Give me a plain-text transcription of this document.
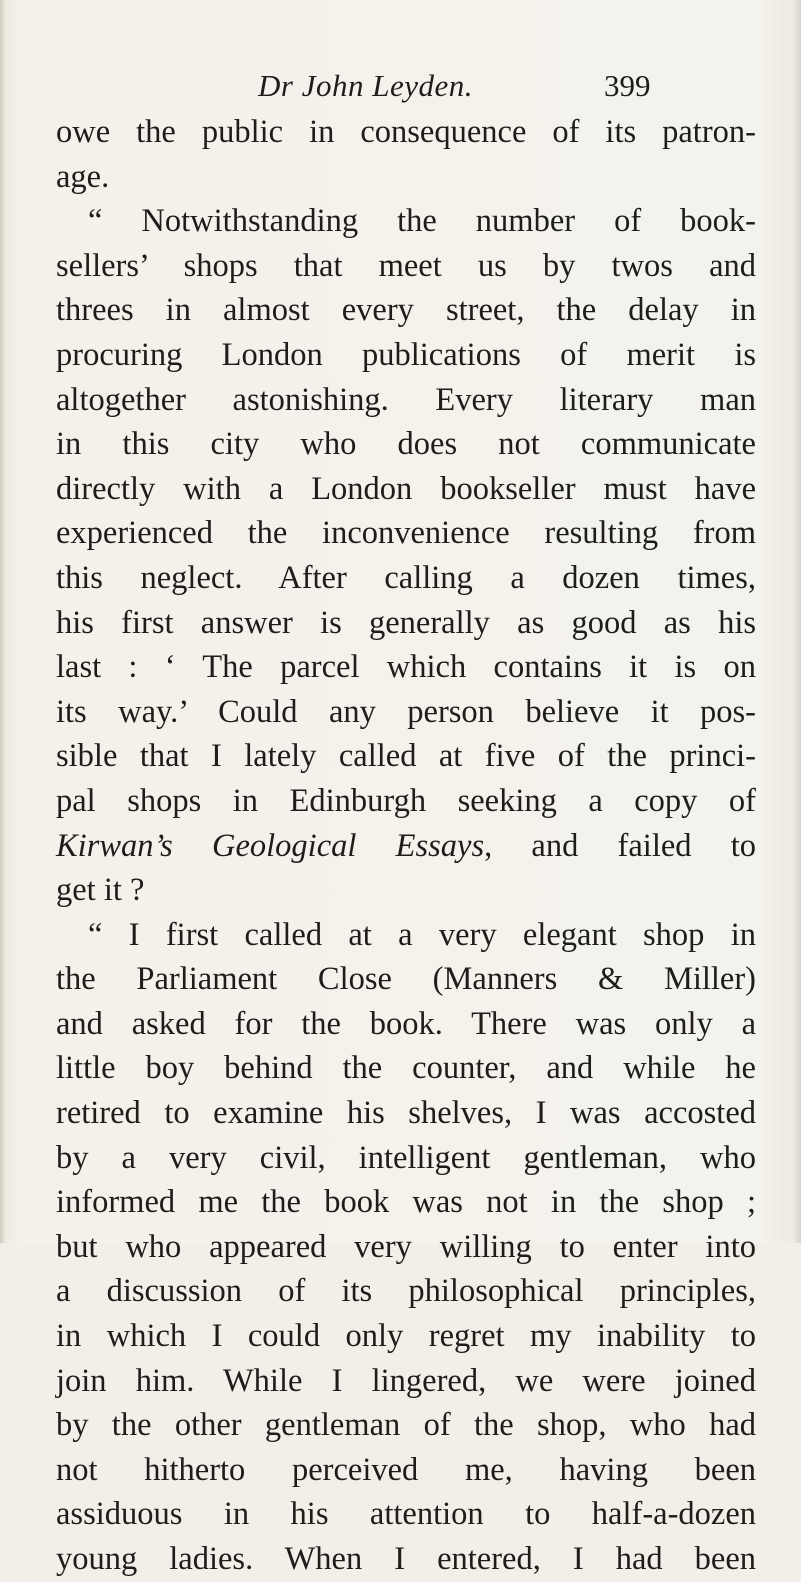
Dr John Leyden.	399
owe the public in consequence of its patron-
age.
“ Notwithstanding the number of book-
sellers’ shops that meet us by twos and
threes in almost every street, the delay in
procuring London publications of merit is
altogether astonishing. Every literary man
in this city who does not communicate
directly with a London bookseller must have
experienced the inconvenience resulting from
this neglect. After calling a dozen times,
his first answer is generally as good as his
last : ‘ The parcel which contains it is on
its way.’ Could any person believe it pos-
sible that I lately called at five of the princi-
pal shops in Edinburgh seeking a copy of
Kirwan’s Geological Essays, and failed to
get it ?
“ I first called at a very elegant shop in
the Parliament Close (Manners & Miller)
and asked for the book. There was only a
little boy behind the counter, and while he
retired to examine his shelves, I was accosted
by a very civil, intelligent gentleman, who
informed me the book was not in the shop ;
but who appeared very willing to enter into
a discussion of its philosophical principles,
in which I could only regret my inability to
join him. While I lingered, we were joined
by the other gentleman of the shop, who had
not hitherto perceived me, having been
assiduous in his attention to half-a-dozen
young ladies. When I entered, I had been
